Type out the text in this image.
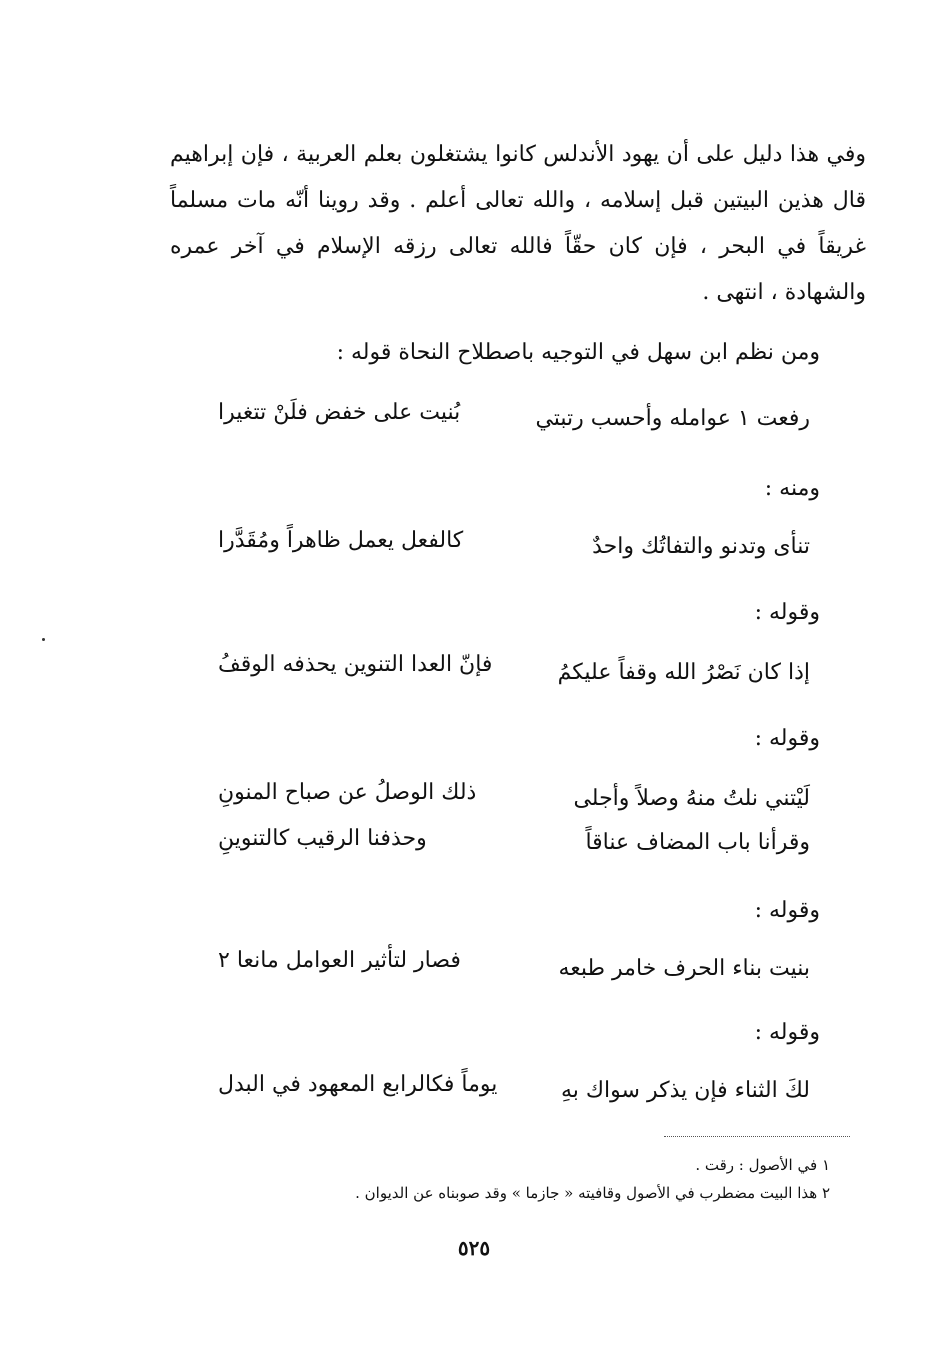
وفي هذا دليل على أن يهود الأندلس كانوا يشتغلون بعلم العربية ، فإن إبراهيم قال هذين البيتين قبل إسلامه ، والله تعالى أعلم . وقد روينا أنّه مات مسلماً غريقاً في البحر ، فإن كان حقّاً فالله تعالى رزقه الإسلام في آخر عمره والشهادة ، انتهى .
ومن نظم ابن سهل في التوجيه باصطلاح النحاة قوله :
رفعت ١ عوامله وأحسب رتبتي
بُنيت على خفض فلَنْ تتغيرا
ومنه :
تنأى وتدنو والتفاتُك واحدٌ
كالفعل يعمل ظاهراً ومُقَدَّرا
وقوله :
إذا كان نَصْرُ الله وقفاً عليكمُ
فإنّ العدا التنوين يحذفه الوقفُ
وقوله :
لَيْتني نلتُ منهُ وصلاً وأجلى
ذلك الوصلُ عن صباح المنونِ
وقرأنا باب المضاف عناقاً
وحذفنا الرقيب كالتنوينِ
وقوله :
بنيت بناء الحرف خامر طبعه
فصار لتأثير العوامل مانعا ٢
وقوله :
لكَ الثناء فإن يذكر سواك بهِ
يوماً فكالرابع المعهود في البدل
١ في الأصول : رقت .
٢ هذا البيت مضطرب في الأصول وقافيته « جازما » وقد صوبناه عن الديوان .
٥٢٥
